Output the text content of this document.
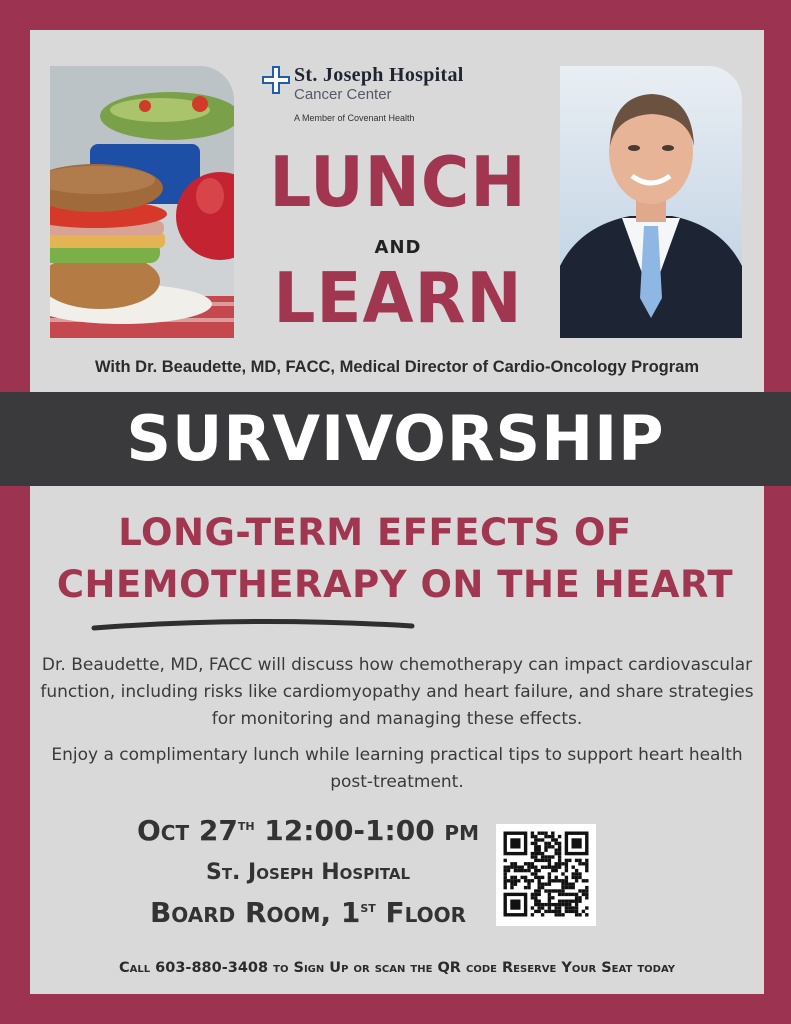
St. Joseph Hospital
Cancer Center
A Member of Covenant Health
LUNCH
AND
LEARN
With Dr. Beaudette, MD, FACC, Medical Director of Cardio-Oncology Program
SURVIVORSHIP
LONG-TERM EFFECTS OF
CHEMOTHERAPY ON THE HEART
Dr. Beaudette, MD, FACC will discuss how chemotherapy can impact cardiovascular function, including risks like cardiomyopathy and heart failure, and share strategies for monitoring and managing these effects.
Enjoy a complimentary lunch while learning practical tips to support heart health post-treatment.
Oct 27th 12:00-1:00 pm
St. Joseph Hospital
Board Room, 1st Floor
Call 603-880-3408 to Sign Up or scan the QR code Reserve Your Seat today
